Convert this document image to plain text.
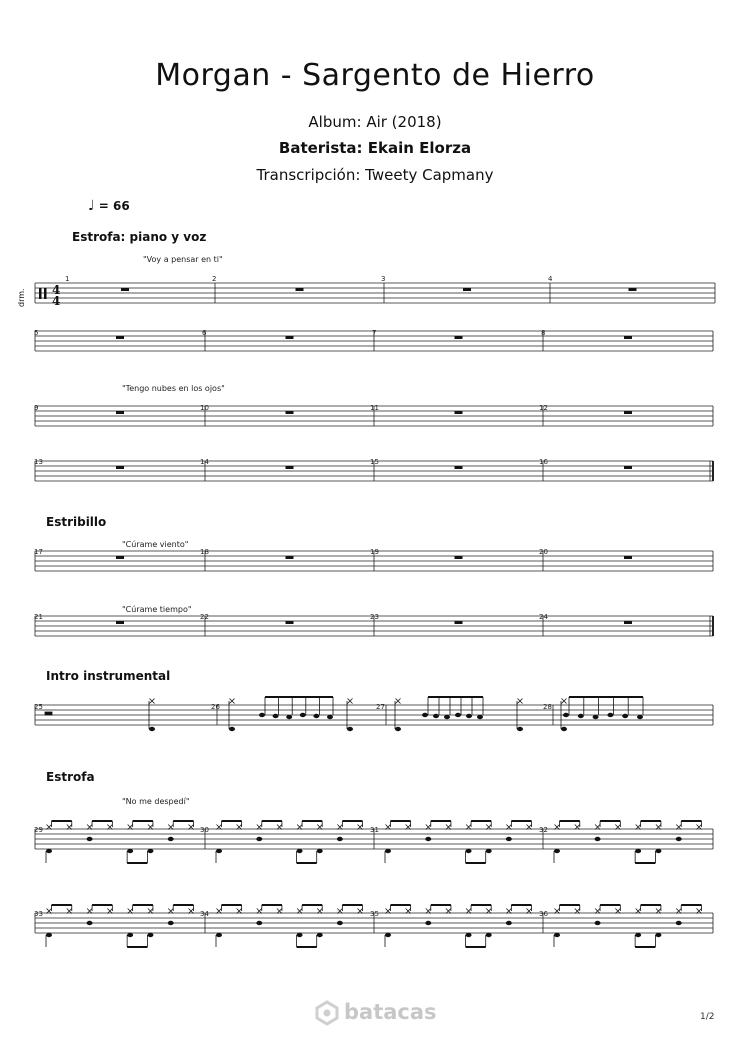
Morgan - Sargento de Hierro
Album: Air (2018)
Baterista: Ekain Elorza
Transcripción: Tweety Capmany
♩ = 66
drm.
Estrofa: piano y voz
Estribillo
Intro instrumental
Estrofa
"Voy a pensar en ti"
"Tengo nubes en los ojos"
"Cúrame viento"
"Cúrame tiempo"
"No me despedí"
1	2	3	4
5	6	7	8
9	10	11	12
13	14	15	16
17	18	19	20
21	22	23	24
25	26	27	28
29	30	31	32
33	34	35	36
4
4
batacas	1/2
